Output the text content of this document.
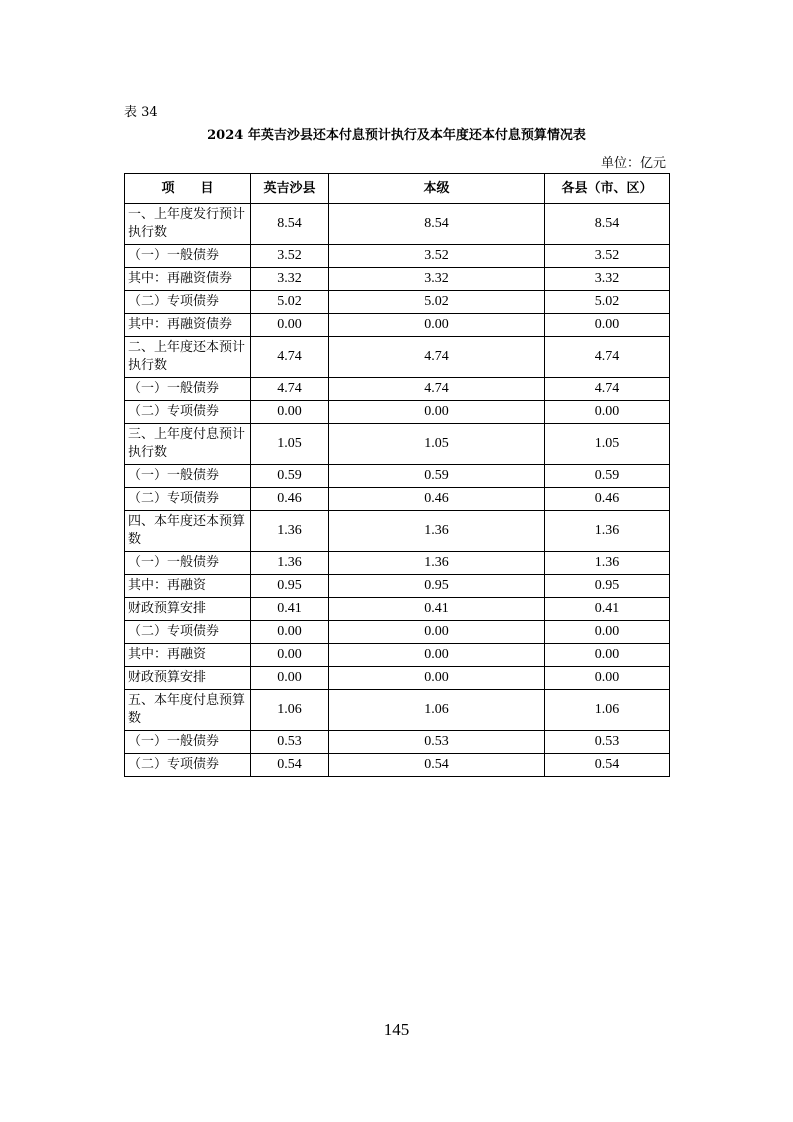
表 34
2024 年英吉沙县还本付息预计执行及本年度还本付息预算情况表
单位：亿元
项　　目	英吉沙县	本级	各县（市、区）
一、上年度发行预计执行数	8.54	8.54	8.54
（一）一般债券	3.52	3.52	3.52
其中：再融资债券	3.32	3.32	3.32
（二）专项债券	5.02	5.02	5.02
其中：再融资债券	0.00	0.00	0.00
二、上年度还本预计执行数	4.74	4.74	4.74
（一）一般债券	4.74	4.74	4.74
（二）专项债券	0.00	0.00	0.00
三、上年度付息预计执行数	1.05	1.05	1.05
（一）一般债券	0.59	0.59	0.59
（二）专项债券	0.46	0.46	0.46
四、本年度还本预算数	1.36	1.36	1.36
（一）一般债券	1.36	1.36	1.36
其中：再融资	0.95	0.95	0.95
财政预算安排	0.41	0.41	0.41
（二）专项债券	0.00	0.00	0.00
其中：再融资	0.00	0.00	0.00
财政预算安排	0.00	0.00	0.00
五、本年度付息预算数	1.06	1.06	1.06
（一）一般债券	0.53	0.53	0.53
（二）专项债券	0.54	0.54	0.54
145
